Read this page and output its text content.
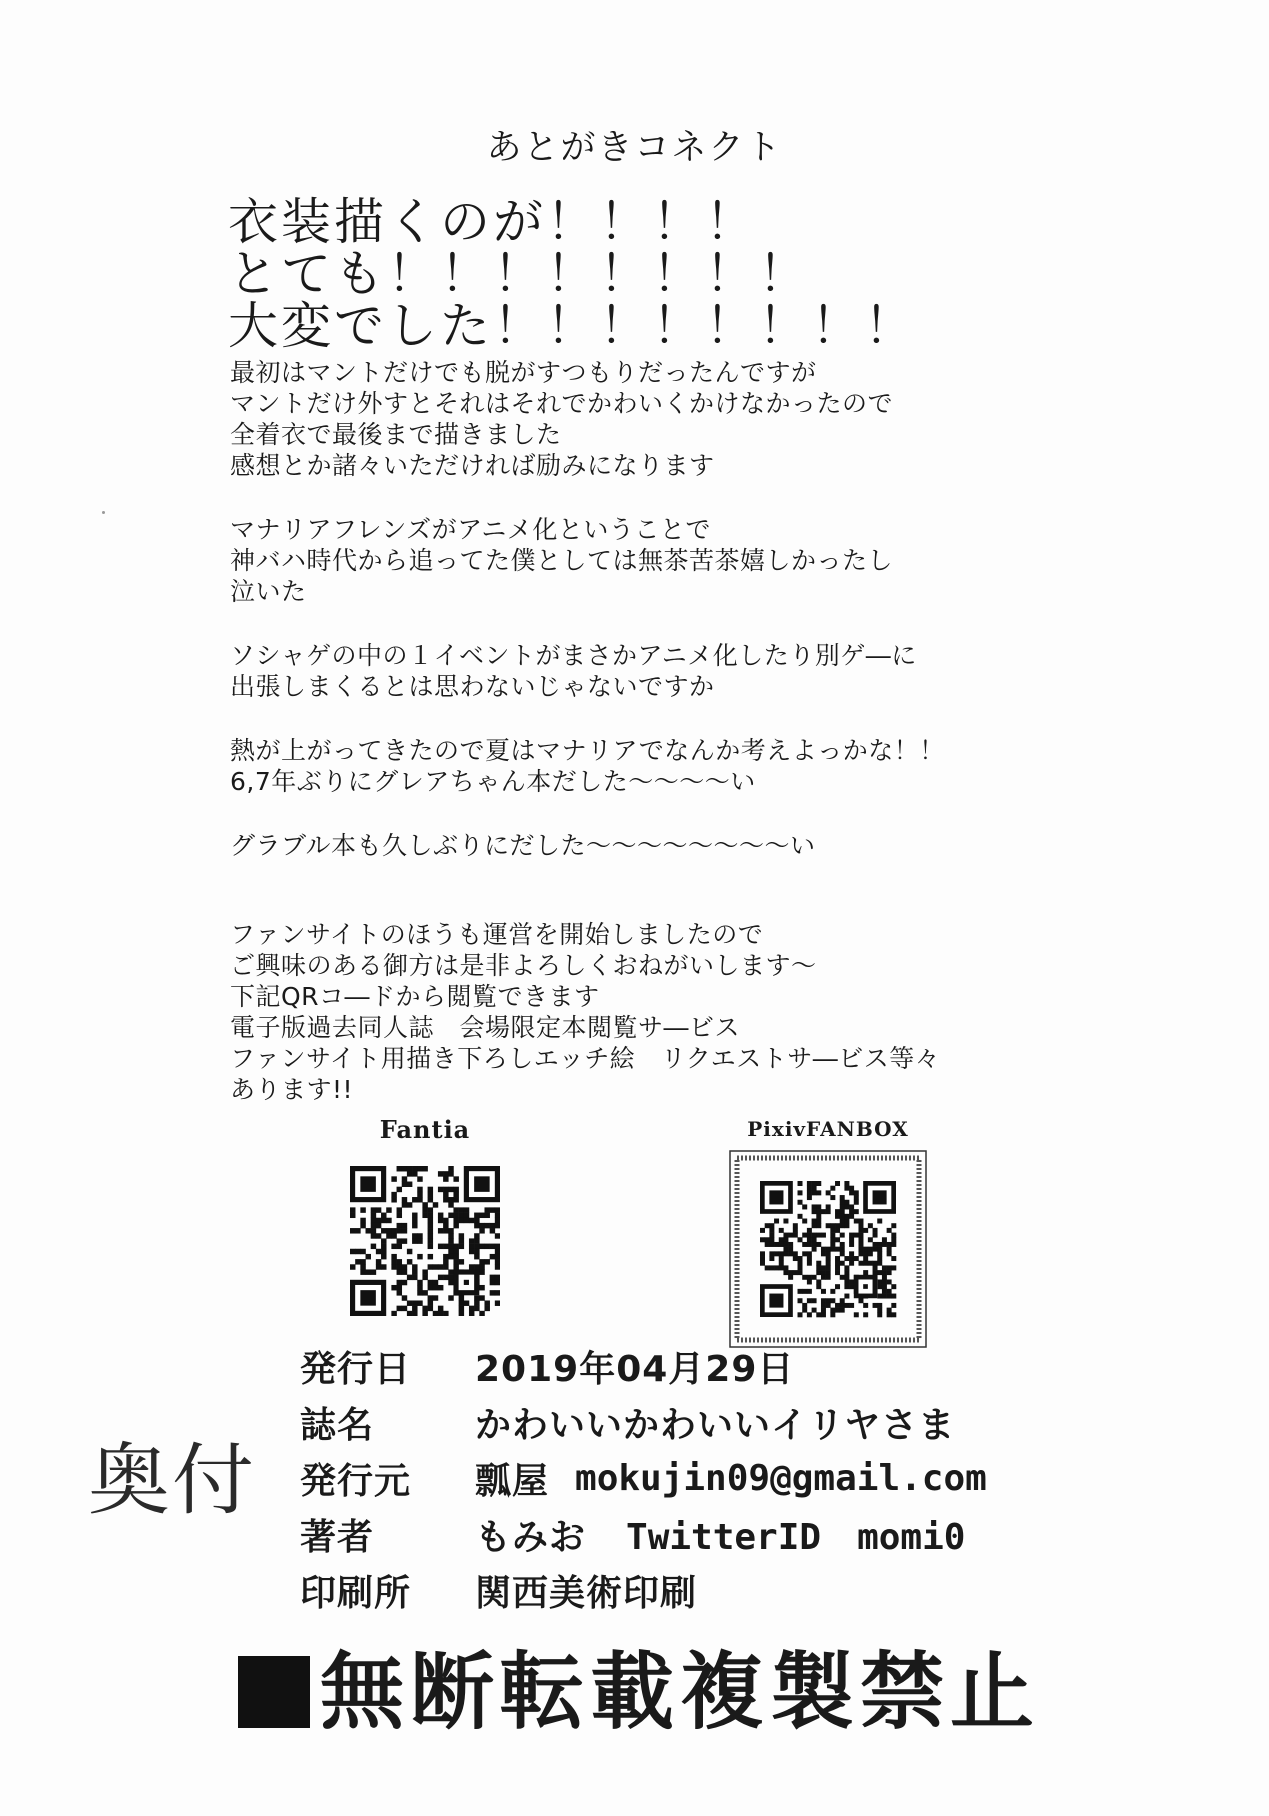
あとがきコネクト
衣装描くのが！！！！
とても！！！！！！！！
大変でした！！！！！！！！
最初はマントだけでも脱がすつもりだったんですが
マントだけ外すとそれはそれでかわいくかけなかったので
全着衣で最後まで描きました
感想とか諸々いただければ励みになります
マナリアフレンズがアニメ化ということで
神バハ時代から追ってた僕としては無茶苦茶嬉しかったし
泣いた
ソシャゲの中の１イベントがまさかアニメ化したり別ゲ―に
出張しまくるとは思わないじゃないですか
熱が上がってきたので夏はマナリアでなんか考えよっかな！！
6,7年ぶりにグレアちゃん本だした～～～～い
グラブル本も久しぶりにだした～～～～～～～～い
ファンサイトのほうも運営を開始しましたので
ご興味のある御方は是非よろしくおねがいします～
下記QRコ―ドから閲覧できます
電子版過去同人誌　会場限定本閲覧サ―ビス
ファンサイト用描き下ろしエッチ絵　リクエストサ―ビス等々
あります!!
Fantia	PixivFANBOX
奥付
発行日	2019年04月29日
誌名	かわいいかわいいイリヤさま
発行元	瓢屋 mokujin09@gmail.com
著者	もみお TwitterID　momi0
印刷所	関西美術印刷
無断転載複製禁止
